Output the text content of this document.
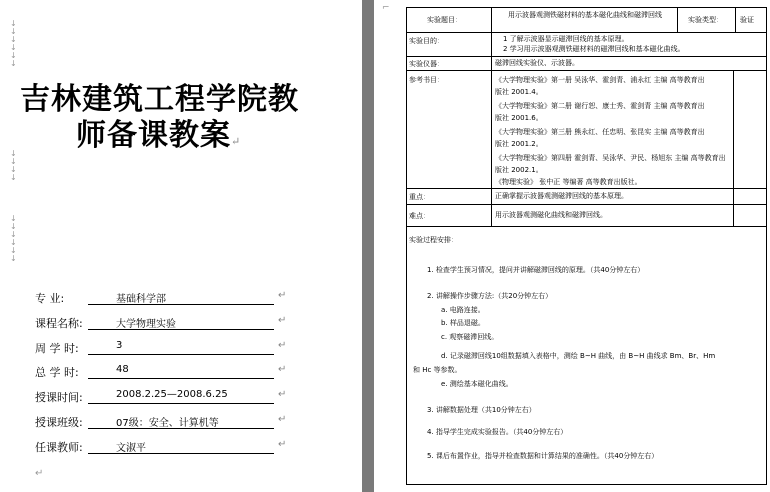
↓
↓
↓
↓
↓
↓
↓
↓
↓
↓
↓
↓
↓
↓
↓
↓
吉林建筑工程学院教
师备课教案↵
专 业:	基础科学部	↵
课程名称:	大学物理实验	↵
周 学 时:	3	↵
总 学 时:	48	↵
授课时间:	2008.2.25—2008.6.25	↵
授课班级:	07级：安全、计算机等	↵
任课教师:	文淑平	↵
↵
⌐
实验题目：
用示波器观测铁磁材料的基本磁化曲线和磁滞回线
实验类型：	验证
实验目的：	1 了解示波器显示磁滞回线的基本原理。
2 学习用示波器观测铁磁材料的磁滞回线和基本磁化曲线。
实验仪器：	磁滞回线实验仪、示波器。
参考书目：	《大学物理实验》第一册 吴泳华、霍剑青、浦永红 主编 高等教育出
版社 2001.4。
《大学物理实验》第二册 谢行恕、康士秀、霍剑青 主编 高等教育出
版社 2001.6。
《大学物理实验》第三册 熊永红、任忠明、张昆实 主编 高等教育出
版社 2001.2。
《大学物理实验》第四册 霍剑青、吴泳华、尹民、杨旭东 主编 高等教育出
版社 2002.1。
《物理实验》 张中正 等编著 高等教育出版社。
重点：	正确掌握示波器观测磁滞回线的基本原理。
难点：	用示波器观测磁化曲线和磁滞回线。
实验过程安排：
1. 检查学生预习情况，提问并讲解磁滞回线的原理。（共40分钟左右）
2. 讲解操作步骤方法:（共20分钟左右）
a. 电路连接。
b. 样品退磁。
c. 观察磁滞回线。
d. 记录磁滞回线10组数据填入表格中，测绘 B~H 曲线，由 B~H 曲线求 Bm、Br、Hm
和 Hc 等参数。
e. 测绘基本磁化曲线。
3. 讲解数据处理（共10分钟左右）
4. 指导学生完成实验报告。（共40分钟左右）
5. 课后布置作业，指导并检查数据和计算结果的准确性。（共40分钟左右）
